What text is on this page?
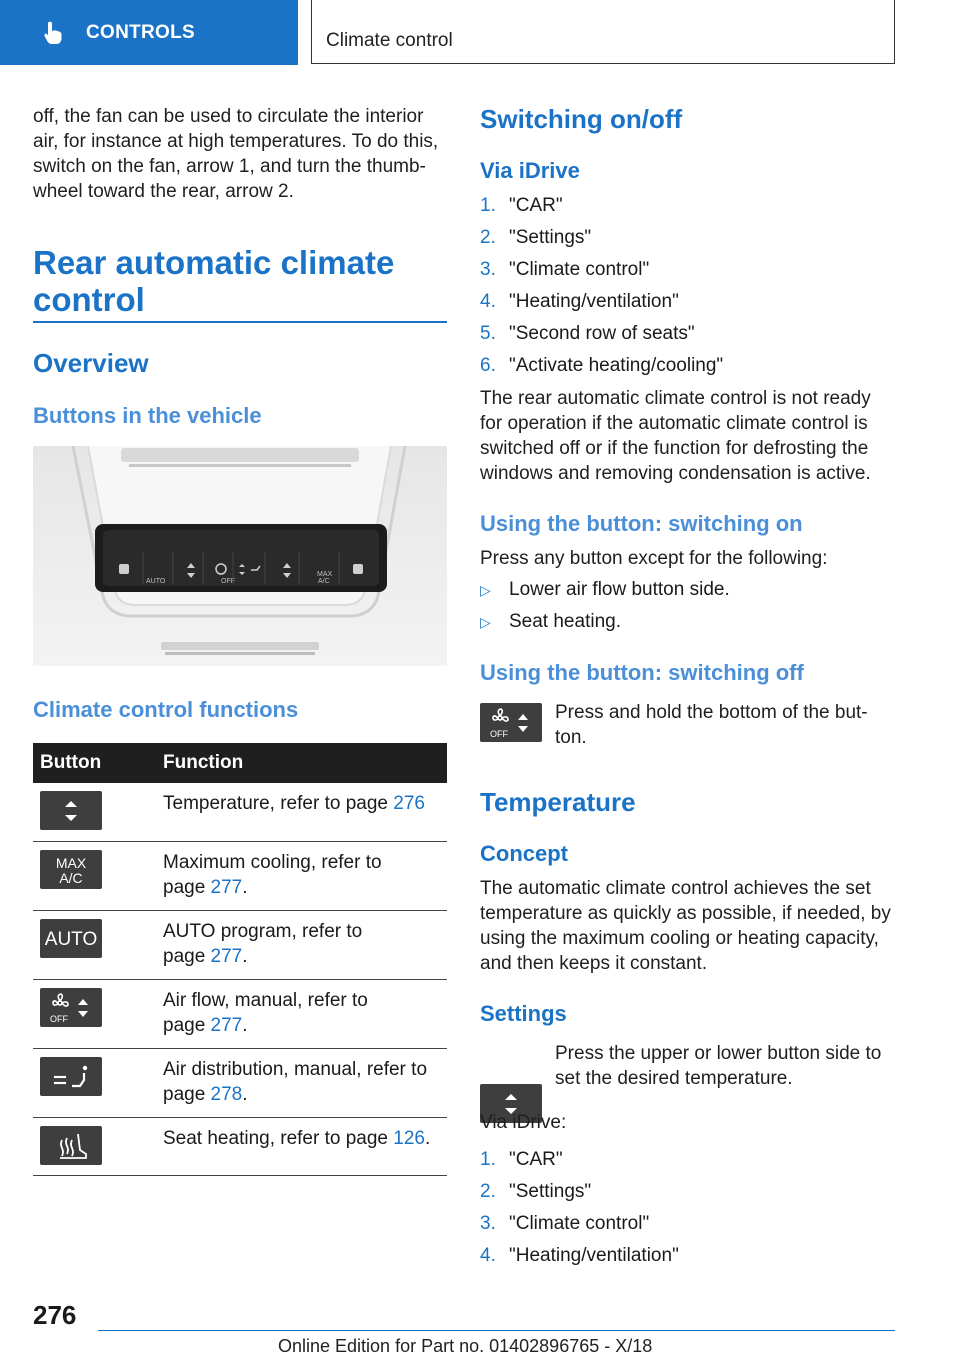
CONTROLS	Climate control
off, the fan can be used to circulate the interior air, for instance at high temperatures. To do this, switch on the fan, arrow 1, and turn the thumb-wheel toward the rear, arrow 2.
Rear automatic climate
control
Overview
Buttons in the vehicle
AUTO	OFF
MAX
A/C
Climate control functions
Button	Function

	Temperature, refer to page 276

MAX
A/C	Maximum cooling, refer to
page 277.

AUTO	AUTO program, refer to
page 277.

OFF	Air flow, manual, refer to
page 277.

	Air distribution, manual, refer to
page 278.

	Seat heating, refer to page 126.
Switching on/off
Via iDrive
1. "CAR"
2. "Settings"
3. "Climate control"
4. "Heating/ventilation"
5. "Second row of seats"
6. "Activate heating/cooling"
The rear automatic climate control is not ready
for operation if the automatic climate control is
switched off or if the function for defrosting the
windows and removing condensation is active.
Using the button: switching on
Press any button except for the following:
▷ Lower air flow button side.
▷ Seat heating.
Using the button: switching off
OFF
Press and hold the bottom of the but-
ton.
Temperature
Concept
The automatic climate control achieves the set
temperature as quickly as possible, if needed, by
using the maximum cooling or heating capacity,
and then keeps it constant.
Settings
Press the upper or lower button side to
set the desired temperature.
Via iDrive:
1. "CAR"
2. "Settings"
3. "Climate control"
4. "Heating/ventilation"
276
Online Edition for Part no. 01402896765 - X/18
